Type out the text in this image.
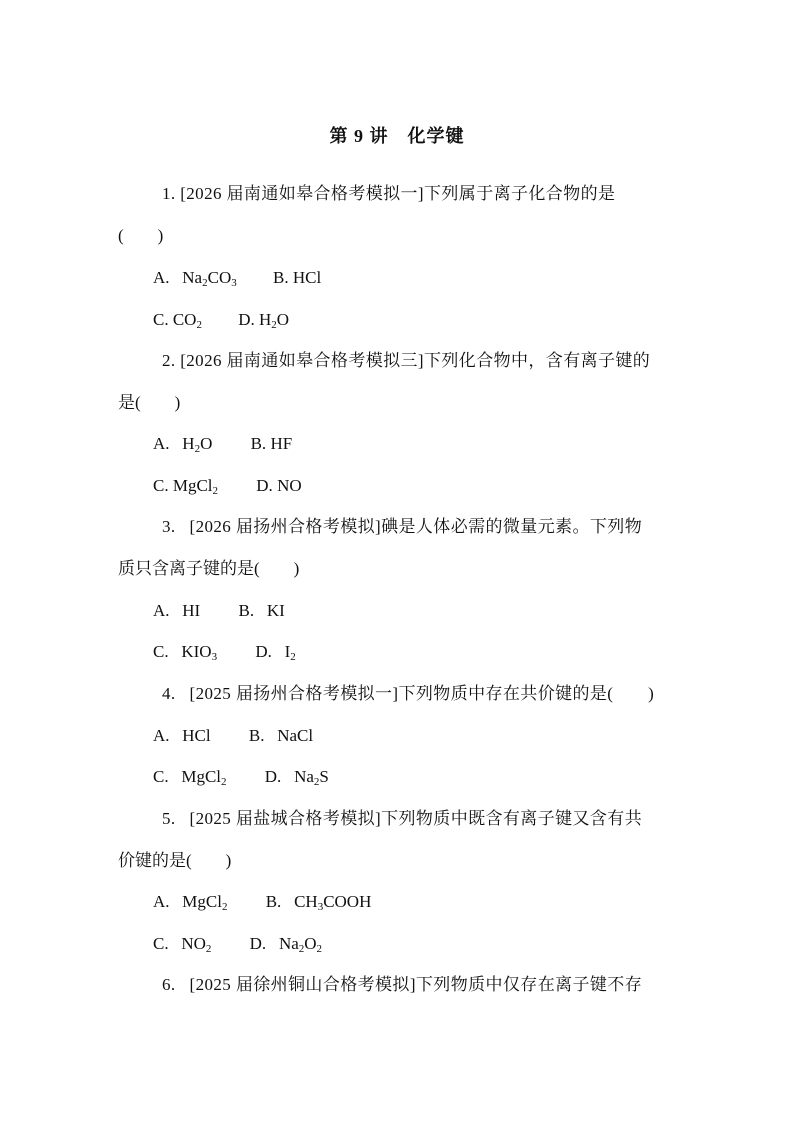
第 9 讲　化学键
1. [2026 届南通如皋合格考模拟一]下列属于离子化合物的是
(　　)
A. $Na_2CO_3$ B. HCl
C. $CO_2$ D. $H_2O$
2. [2026 届南通如皋合格考模拟三]下列化合物中，含有离子键的
是(　　)
A. $H_2O$ B. HF
C. MgCl$_2$ D. NO
3. [2026 届扬州合格考模拟]碘是人体必需的微量元素。下列物
质只含离子键的是(　　)
A. HI B. KI
C. $KIO_3$ D. $I_2$
4. [2025 届扬州合格考模拟一]下列物质中存在共价键的是(　　)
A. HCl B. NaCl
C. MgCl$_2$ D. $Na_2S$
5. [2025 届盐城合格考模拟]下列物质中既含有离子键又含有共
价键的是(　　)
A. MgCl$_2$ B. $CH_3COOH$
C. $NO_2$ D. $Na_2O_2$
6. [2025 届徐州铜山合格考模拟]下列物质中仅存在离子键不存
